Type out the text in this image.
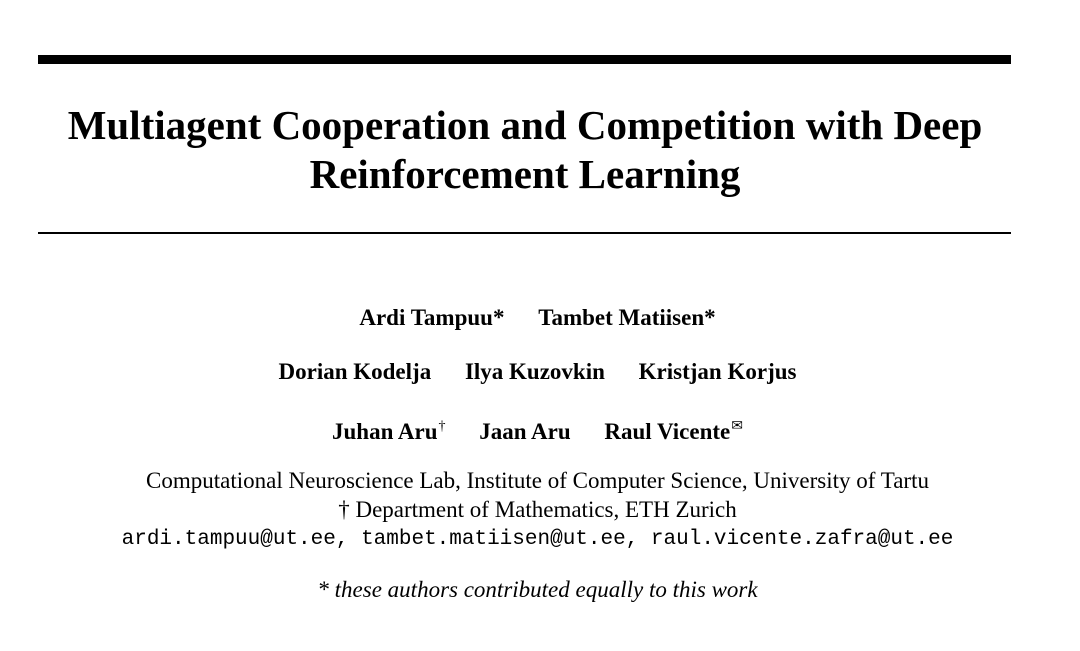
Multiagent Cooperation and Competition with Deep
Reinforcement Learning
Ardi Tampuu* Tambet Matiisen*
Dorian Kodelja Ilya Kuzovkin Kristjan Korjus
Juhan Aru† Jaan Aru Raul Vicente✉
Computational Neuroscience Lab, Institute of Computer Science, University of Tartu
† Department of Mathematics, ETH Zurich
ardi.tampuu@ut.ee, tambet.matiisen@ut.ee, raul.vicente.zafra@ut.ee
* these authors contributed equally to this work
